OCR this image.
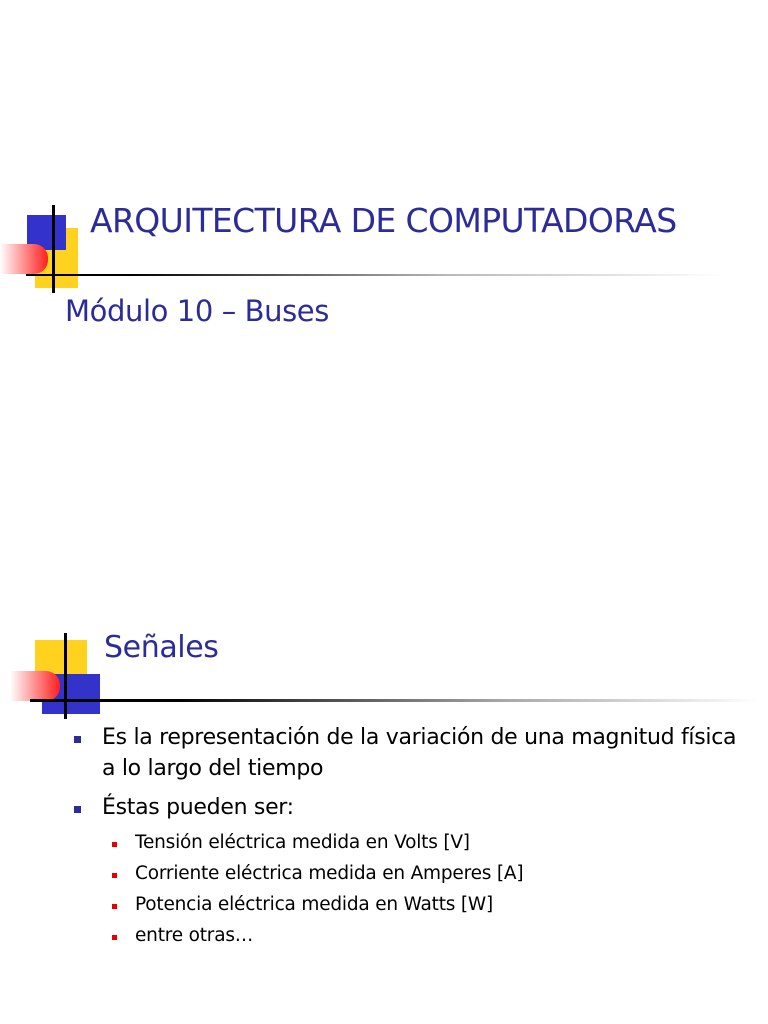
ARQUITECTURA DE COMPUTADORAS
Módulo 10 – Buses
Señales
Es la representación de la variación de una magnitud física a lo largo del tiempo
Éstas pueden ser:
Tensión eléctrica medida en Volts [V]
Corriente eléctrica medida en Amperes [A]
Potencia eléctrica medida en Watts [W]
entre otras…
